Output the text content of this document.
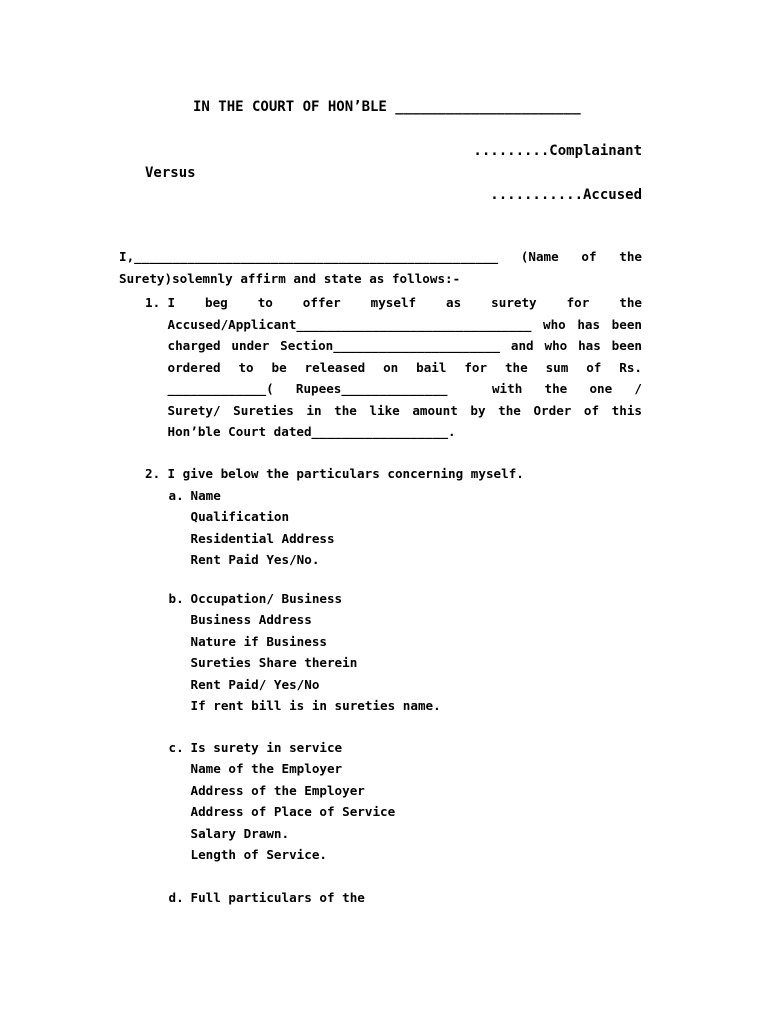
IN THE COURT OF HON’BLE ______________________
.........Complainant
Versus
...........Accused
I,________________________________________________ (Name of the
Surety)solemnly affirm and state as follows:-
1. I beg to offer myself as surety for the
Accused/Applicant_______________________________ who has been
charged under Section______________________ and who has been
ordered to be released on bail for the sum of Rs.
_____________( Rupees______________  with the one /
Surety/ Sureties in the like amount by the Order of this
Hon’ble Court dated__________________.
2. I give below the particulars concerning myself.
a. Name
Qualification
Residential Address
Rent Paid Yes/No.
b. Occupation/ Business
Business Address
Nature if Business
Sureties Share therein
Rent Paid/ Yes/No
If rent bill is in sureties name.
c. Is surety in service
Name of the Employer
Address of the Employer
Address of Place of Service
Salary Drawn.
Length of Service.
d. Full particulars of the
